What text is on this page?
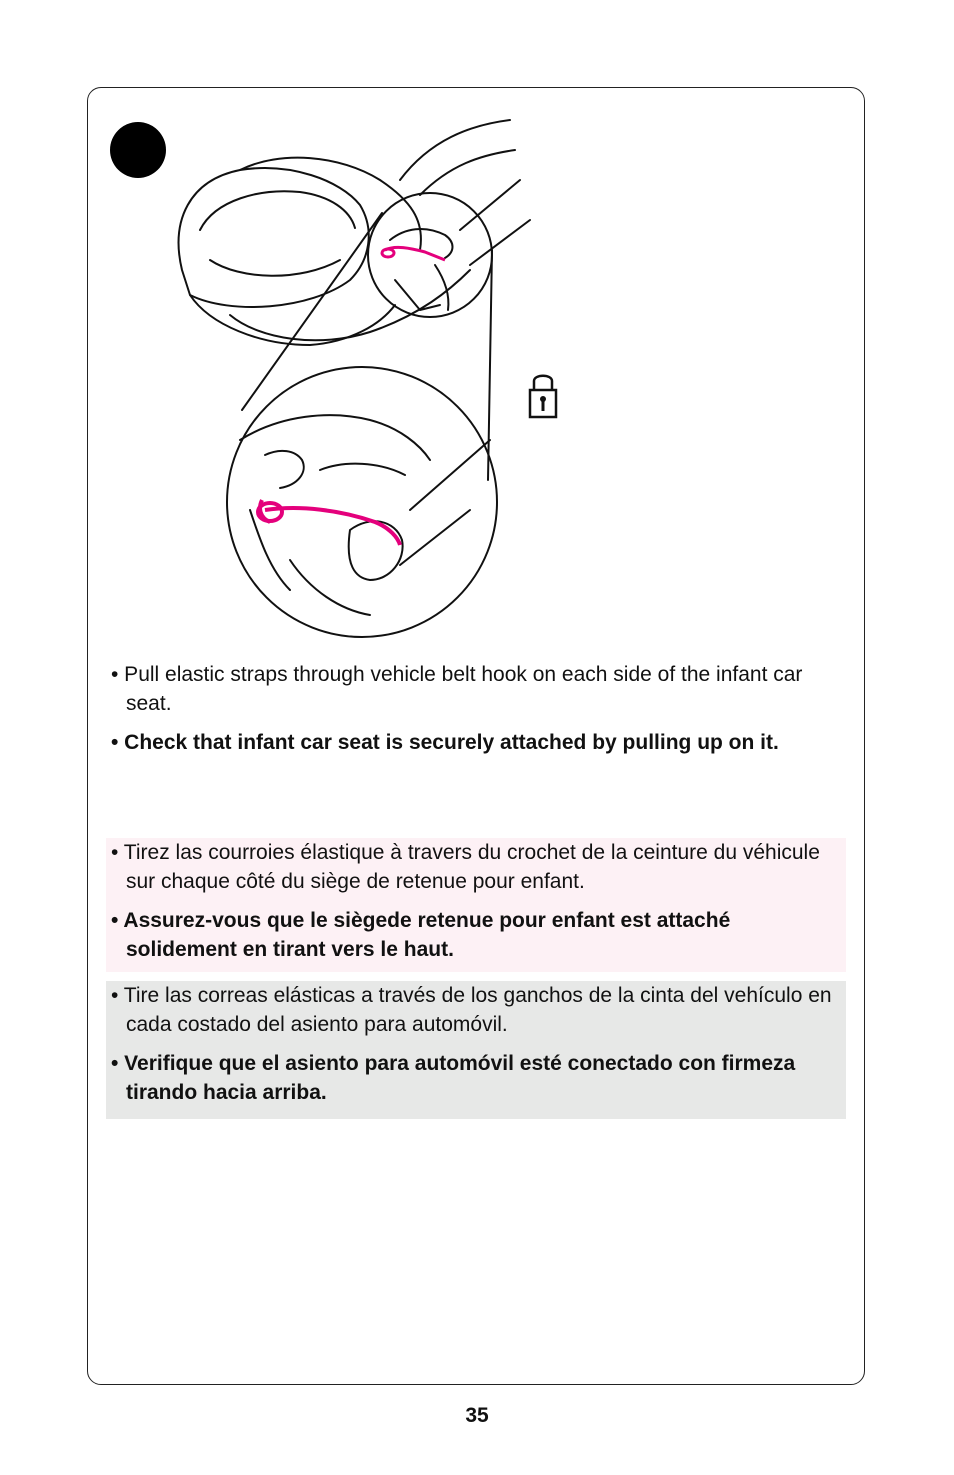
• Pull elastic straps through vehicle belt hook on each side of the infant car seat.

• Check that infant car seat is securely attached by pulling up on it.

• Tirez las courroies élastique à travers du crochet de la ceinture du véhicule sur chaque côté du siège de retenue pour enfant.

• Assurez-vous que le siègede retenue pour enfant est attaché solidement en tirant vers le haut.

• Tire las correas elásticas a través de los ganchos de la cinta del vehículo en cada costado del asiento para automóvil.

• Verifique que el asiento para automóvil esté conectado con firmeza tirando hacia arriba.

35
